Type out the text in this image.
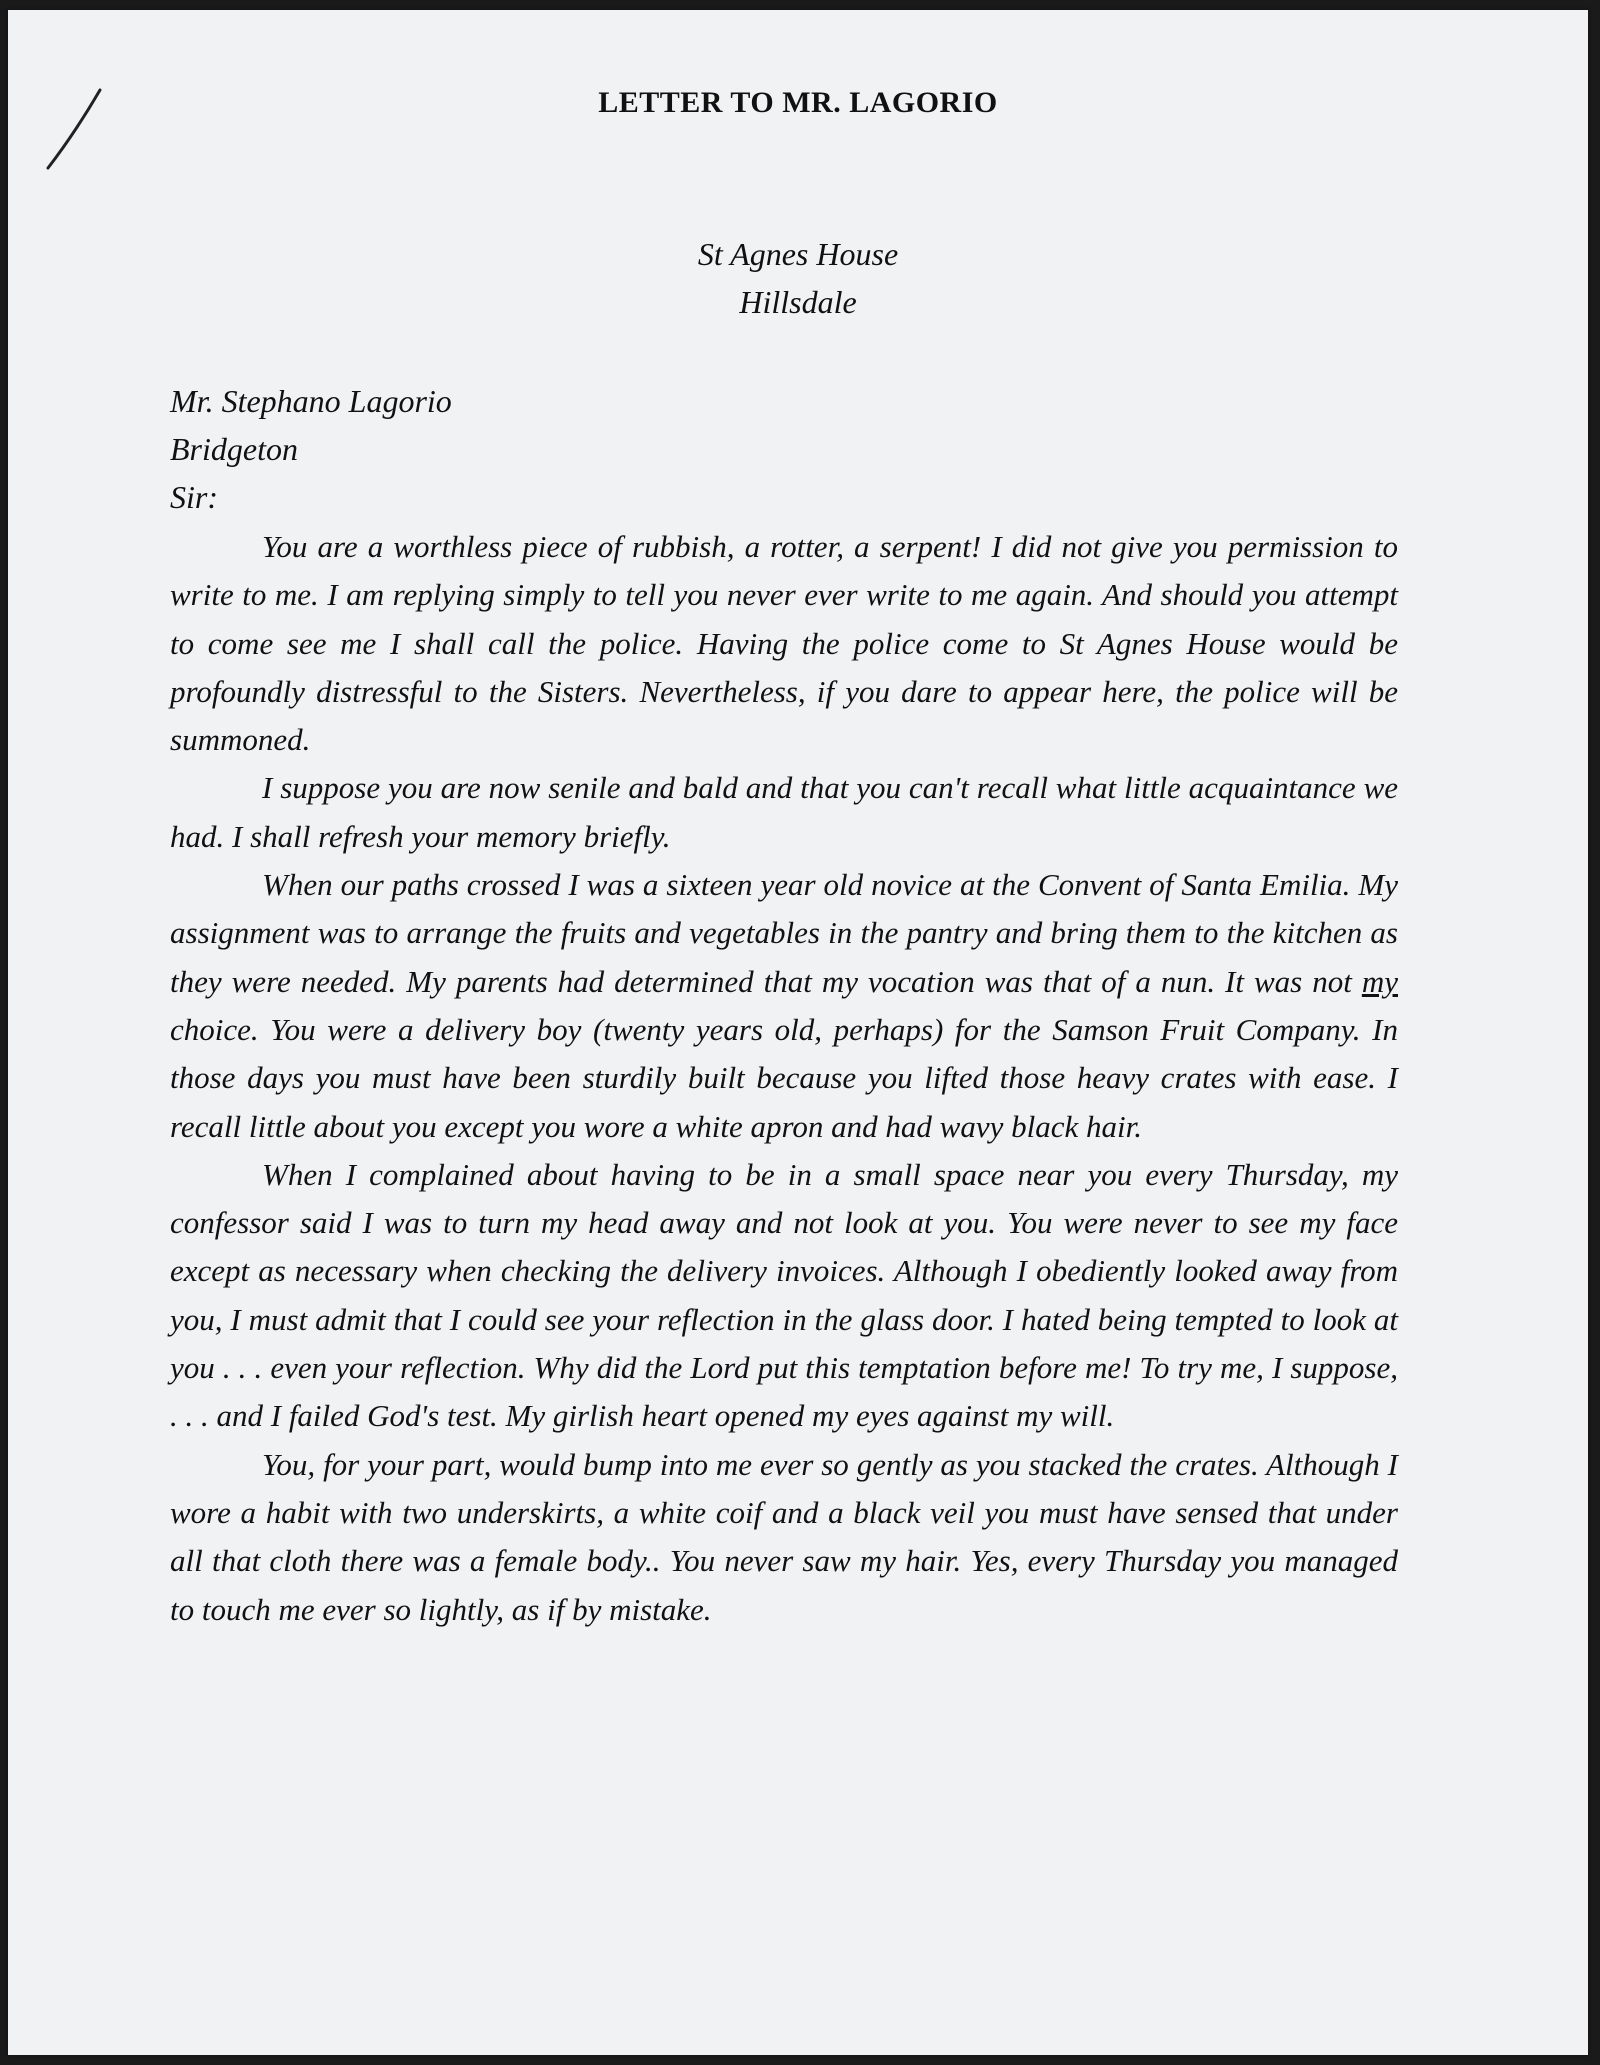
LETTER TO MR. LAGORIO
St Agnes House
Hillsdale
Mr. Stephano Lagorio
Bridgeton
Sir:

You are a worthless piece of rubbish, a rotter, a serpent! I did not give you permission to write to me. I am replying simply to tell you never ever write to me again. And should you attempt to come see me I shall call the police. Having the police come to St Agnes House would be profoundly distressful to the Sisters. Nevertheless, if you dare to appear here, the police will be summoned.

I suppose you are now senile and bald and that you can't recall what little acquaintance we had. I shall refresh your memory briefly.

When our paths crossed I was a sixteen year old novice at the Convent of Santa Emilia. My assignment was to arrange the fruits and vegetables in the pantry and bring them to the kitchen as they were needed. My parents had determined that my vocation was that of a nun. It was not my choice. You were a delivery boy (twenty years old, perhaps) for the Samson Fruit Company. In those days you must have been sturdily built because you lifted those heavy crates with ease. I recall little about you except you wore a white apron and had wavy black hair.

When I complained about having to be in a small space near you every Thursday, my confessor said I was to turn my head away and not look at you. You were never to see my face except as necessary when checking the delivery invoices. Although I obediently looked away from you, I must admit that I could see your reflection in the glass door. I hated being tempted to look at you . . . even your reflection. Why did the Lord put this temptation before me! To try me, I suppose, . . . and I failed God's test. My girlish heart opened my eyes against my will.

You, for your part, would bump into me ever so gently as you stacked the crates. Although I wore a habit with two underskirts, a white coif and a black veil you must have sensed that under all that cloth there was a female body.. You never saw my hair. Yes, every Thursday you managed to touch me ever so lightly, as if by mistake.
